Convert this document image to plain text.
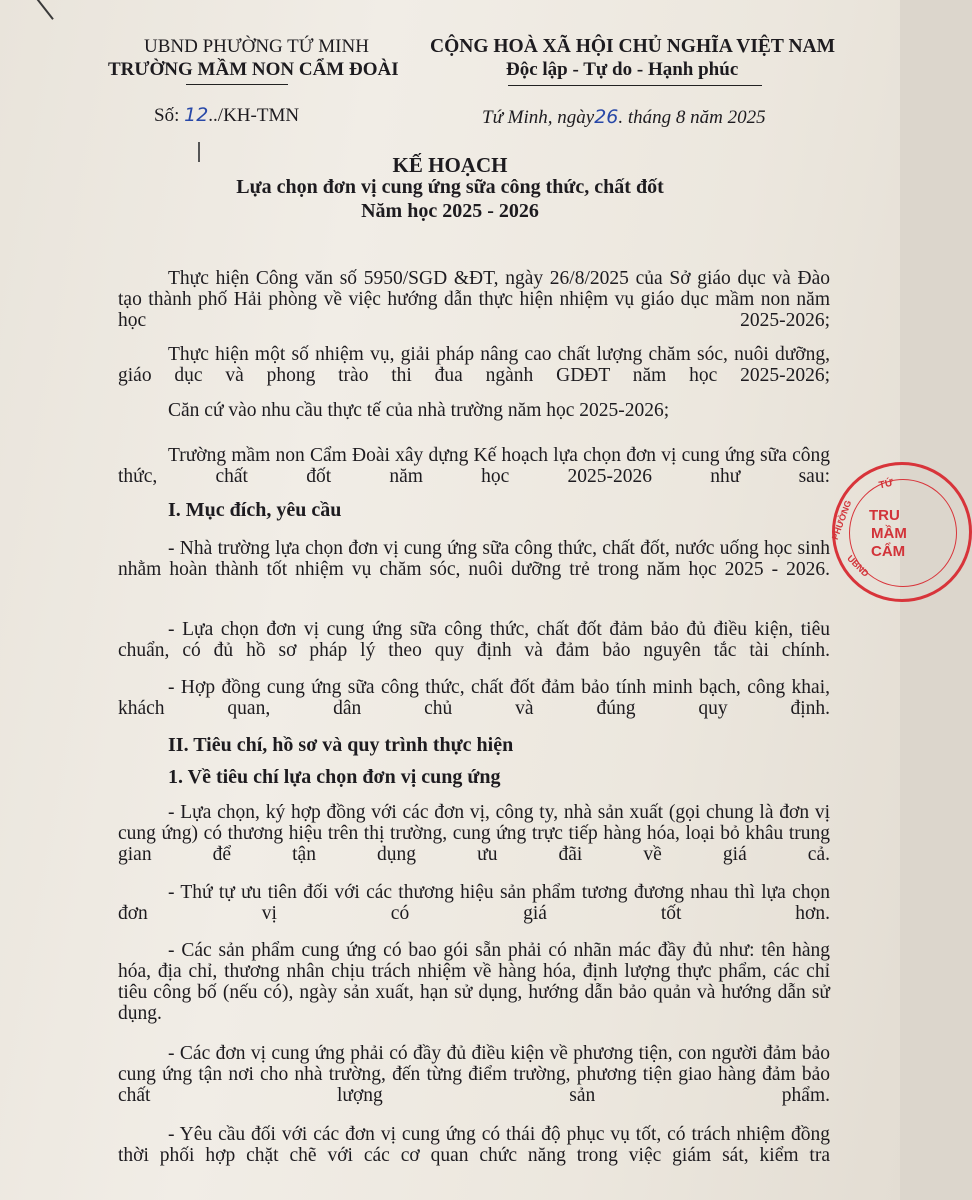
UBND PHƯỜNG TỨ MINH
TRƯỜNG MẦM NON CẨM ĐOÀI
CỘNG HOÀ XÃ HỘI CHỦ NGHĨA VIỆT NAM
Độc lập - Tự do - Hạnh phúc
Số: 12../KH-TMN	Tứ Minh, ngày26. tháng 8 năm 2025
KẾ HOẠCH
Lựa chọn đơn vị cung ứng sữa công thức, chất đốt
Năm học 2025 - 2026
Thực hiện Công văn số 5950/SGD &ĐT, ngày 26/8/2025 của Sở giáo dục và Đào tạo thành phố Hải phòng về việc hướng dẫn thực hiện nhiệm vụ giáo dục mầm non năm học 2025-2026;
Thực hiện một số nhiệm vụ, giải pháp nâng cao chất lượng chăm sóc, nuôi dưỡng, giáo dục và phong trào thi đua ngành GDĐT năm học 2025-2026;
Căn cứ vào nhu cầu thực tế của nhà trường năm học 2025-2026;
Trường mầm non Cẩm Đoài xây dựng Kế hoạch lựa chọn đơn vị cung ứng sữa công thức, chất đốt năm học 2025-2026 như sau:
I. Mục đích, yêu cầu
- Nhà trường lựa chọn đơn vị cung ứng sữa công thức, chất đốt, nước uống học sinh nhằm hoàn thành tốt nhiệm vụ chăm sóc, nuôi dưỡng trẻ trong năm học 2025 - 2026.
- Lựa chọn đơn vị cung ứng sữa công thức, chất đốt đảm bảo đủ điều kiện, tiêu chuẩn, có đủ hồ sơ pháp lý theo quy định và đảm bảo nguyên tắc tài chính.
- Hợp đồng cung ứng sữa công thức, chất đốt đảm bảo tính minh bạch, công khai, khách quan, dân chủ và đúng quy định.
II. Tiêu chí, hồ sơ và quy trình thực hiện
1. Về tiêu chí lựa chọn đơn vị cung ứng
- Lựa chọn, ký hợp đồng với các đơn vị, công ty, nhà sản xuất (gọi chung là đơn vị cung ứng) có thương hiệu trên thị trường, cung ứng trực tiếp hàng hóa, loại bỏ khâu trung gian để tận dụng ưu đãi về giá cả.
- Thứ tự ưu tiên đối với các thương hiệu sản phẩm tương đương nhau thì lựa chọn đơn vị có giá tốt hơn.
- Các sản phẩm cung ứng có bao gói sẵn phải có nhãn mác đầy đủ như: tên hàng hóa, địa chỉ, thương nhân chịu trách nhiệm về hàng hóa, định lượng thực phẩm, các chỉ tiêu công bố (nếu có), ngày sản xuất, hạn sử dụng, hướng dẫn bảo quản và hướng dẫn sử dụng.
- Các đơn vị cung ứng phải có đầy đủ điều kiện về phương tiện, con người đảm bảo cung ứng tận nơi cho nhà trường, đến từng điểm trường, phương tiện giao hàng đảm bảo chất lượng sản phẩm.
- Yêu cầu đối với các đơn vị cung ứng có thái độ phục vụ tốt, có trách nhiệm đồng thời phối hợp chặt chẽ với các cơ quan chức năng trong việc giám sát, kiểm tra
TRU
MẦM
CẨM
PHƯỜNG
TỨ
UBND
